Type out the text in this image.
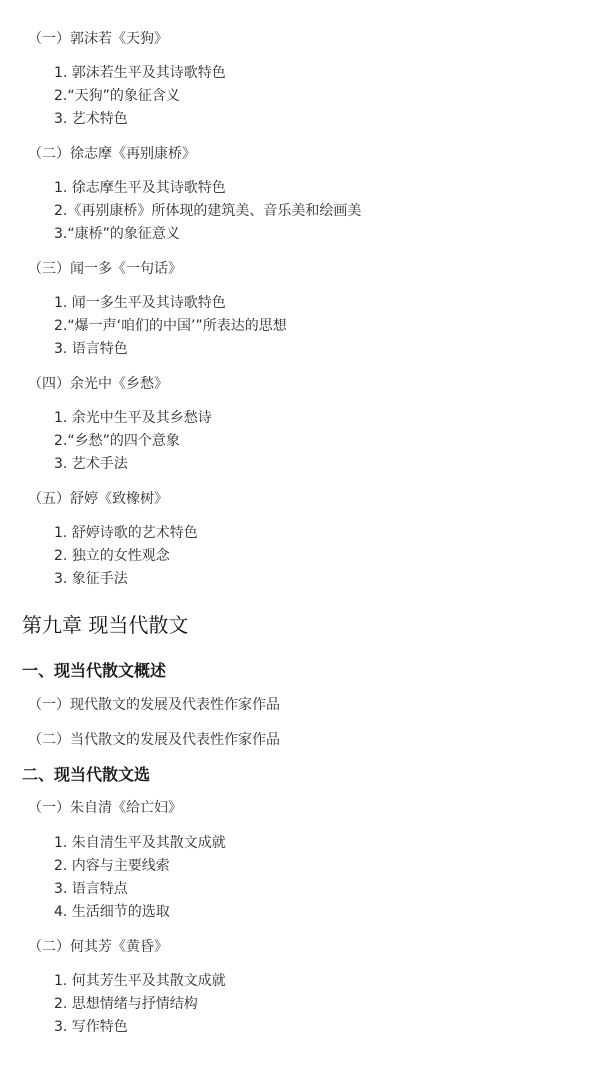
（一）郭沫若《天狗》
1. 郭沫若生平及其诗歌特色
2.“天狗”的象征含义
3. 艺术特色
（二）徐志摩《再别康桥》
1. 徐志摩生平及其诗歌特色
2.《再别康桥》所体现的建筑美、音乐美和绘画美
3.“康桥”的象征意义
（三）闻一多《一句话》
1. 闻一多生平及其诗歌特色
2.“爆一声‘咱们的中国’”所表达的思想
3. 语言特色
（四）余光中《乡愁》
1. 余光中生平及其乡愁诗
2.“乡愁”的四个意象
3. 艺术手法
（五）舒婷《致橡树》
1. 舒婷诗歌的艺术特色
2. 独立的女性观念
3. 象征手法
第九章 现当代散文
一、现当代散文概述
（一）现代散文的发展及代表性作家作品
（二）当代散文的发展及代表性作家作品
二、现当代散文选
（一）朱自清《给亡妇》
1. 朱自清生平及其散文成就
2. 内容与主要线索
3. 语言特点
4. 生活细节的选取
（二）何其芳《黄昏》
1. 何其芳生平及其散文成就
2. 思想情绪与抒情结构
3. 写作特色
